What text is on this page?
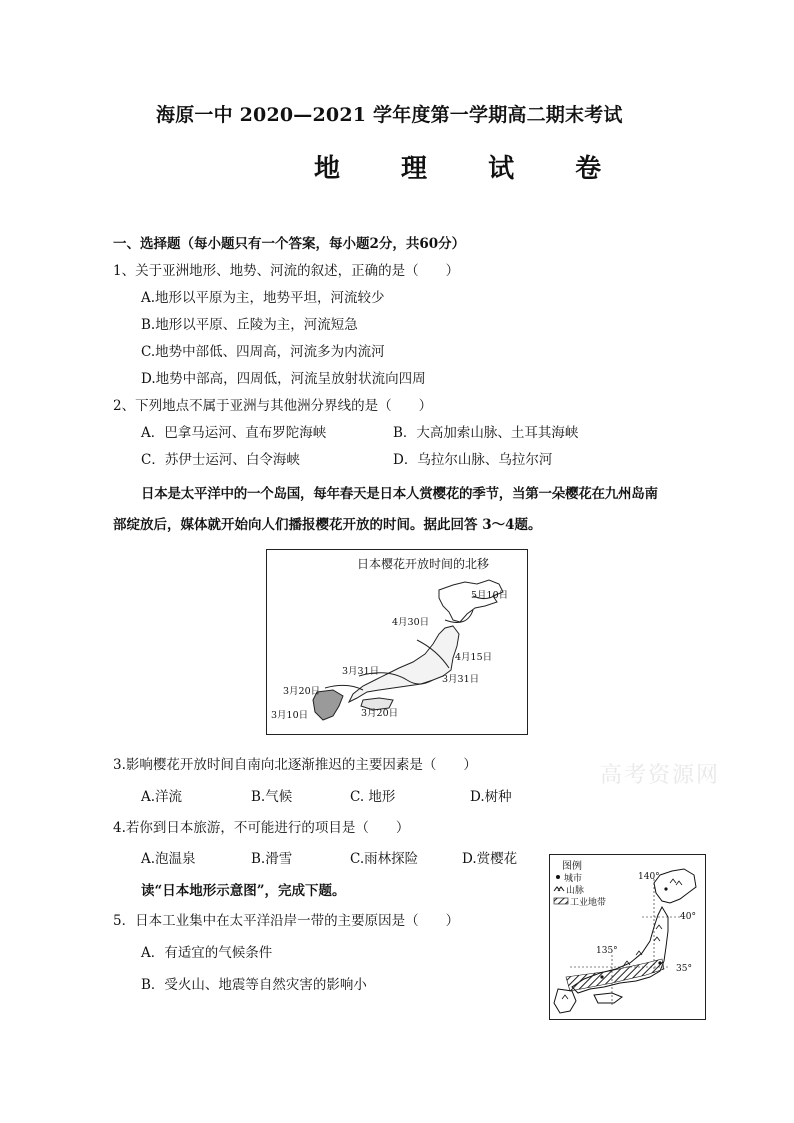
海原一中 2020—2021 学年度第一学期高二期末考试
地 理 试 卷
一、选择题（每小题只有一个答案，每小题2分，共60分）
1、关于亚洲地形、地势、河流的叙述，正确的是（　　）
A.地形以平原为主，地势平坦，河流较少
B.地形以平原、丘陵为主，河流短急
C.地势中部低、四周高，河流多为内流河
D.地势中部高，四周低，河流呈放射状流向四周
2、下列地点不属于亚洲与其他洲分界线的是（　　）
A．巴拿马运河、直布罗陀海峡	B．大高加索山脉、土耳其海峡
C．苏伊士运河、白令海峡	D．乌拉尔山脉、乌拉尔河
日本是太平洋中的一个岛国，每年春天是日本人赏樱花的季节，当第一朵樱花在九州岛南
部绽放后，媒体就开始向人们播报樱花开放的时间。据此回答 3～4题。
日本樱花开放时间的北移
5月10日
4月30日
4月15日
3月31日
3月31日
3月20日
3月20日
3月10日
3.影响樱花开放时间自南向北逐渐推迟的主要因素是（　　）
A.洋流	B.气候	C. 地形	D.树种
高考资源网
4.若你到日本旅游，不可能进行的项目是（　　）
A.泡温泉	B.滑雪	C.雨林探险	D.赏樱花
读“日本地形示意图”，完成下题。
5．日本工业集中在太平洋沿岸一带的主要原因是（　　）
A．有适宜的气候条件
B．受火山、地震等自然灾害的影响小
图例
城市
山脉
工业地带
140°
40°
135°
35°
